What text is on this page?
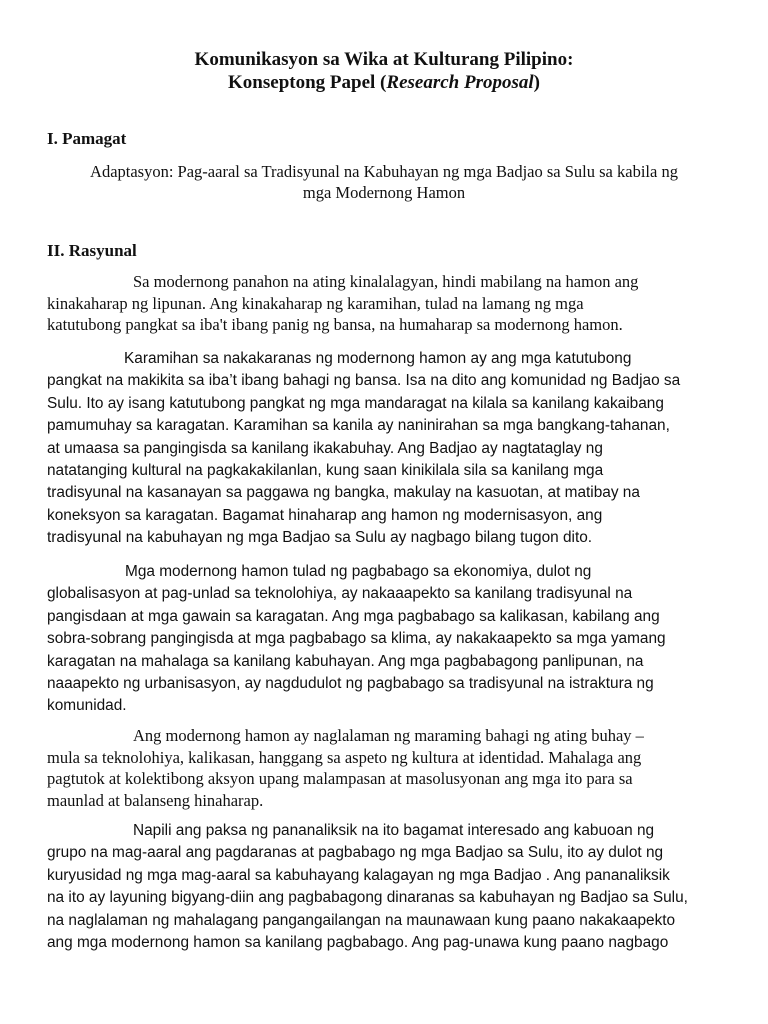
Komunikasyon sa Wika at Kulturang Pilipino:
Konseptong Papel (Research Proposal)
I. Pamagat
Adaptasyon: Pag-aaral sa Tradisyunal na Kabuhayan ng mga Badjao sa Sulu sa kabila ng
mga Modernong Hamon
II. Rasyunal

Sa modernong panahon na ating kinalalagyan, hindi mabilang na hamon ang
kinakaharap ng lipunan. Ang kinakaharap ng karamihan, tulad na lamang ng mga
katutubong pangkat sa iba't ibang panig ng bansa, na humaharap sa modernong hamon.

Karamihan sa nakakaranas ng modernong hamon ay ang mga katutubong
pangkat na makikita sa iba’t ibang bahagi ng bansa. Isa na dito ang komunidad ng Badjao sa
Sulu. Ito ay isang katutubong pangkat ng mga mandaragat na kilala sa kanilang kakaibang
pamumuhay sa karagatan. Karamihan sa kanila ay naninirahan sa mga bangkang-tahanan,
at umaasa sa pangingisda sa kanilang ikakabuhay. Ang Badjao ay nagtataglay ng
natatanging kultural na pagkakakilanlan, kung saan kinikilala sila sa kanilang mga
tradisyunal na kasanayan sa paggawa ng bangka, makulay na kasuotan, at matibay na
koneksyon sa karagatan. Bagamat hinaharap ang hamon ng modernisasyon, ang
tradisyunal na kabuhayan ng mga Badjao sa Sulu ay nagbago bilang tugon dito.

Mga modernong hamon tulad ng pagbabago sa ekonomiya, dulot ng
globalisasyon at pag-unlad sa teknolohiya, ay nakaaapekto sa kanilang tradisyunal na
pangisdaan at mga gawain sa karagatan. Ang mga pagbabago sa kalikasan, kabilang ang
sobra-sobrang pangingisda at mga pagbabago sa klima, ay nakakaapekto sa mga yamang
karagatan na mahalaga sa kanilang kabuhayan. Ang mga pagbabagong panlipunan, na
naaapekto ng urbanisasyon, ay nagdudulot ng pagbabago sa tradisyunal na istraktura ng
komunidad.

Ang modernong hamon ay naglalaman ng maraming bahagi ng ating buhay –
mula sa teknolohiya, kalikasan, hanggang sa aspeto ng kultura at identidad. Mahalaga ang
pagtutok at kolektibong aksyon upang malampasan at masolusyonan ang mga ito para sa
maunlad at balanseng hinaharap.

Napili ang paksa ng pananaliksik na ito bagamat interesado ang kabuoan ng
grupo na mag-aaral ang pagdaranas at pagbabago ng mga Badjao sa Sulu, ito ay dulot ng
kuryusidad ng mga mag-aaral sa kabuhayang kalagayan ng mga Badjao . Ang pananaliksik
na ito ay layuning bigyang-diin ang pagbabagong dinaranas sa kabuhayan ng Badjao sa Sulu,
na naglalaman ng mahalagang pangangailangan na maunawaan kung paano nakakaapekto
ang mga modernong hamon sa kanilang pagbabago. Ang pag-unawa kung paano nagbago
